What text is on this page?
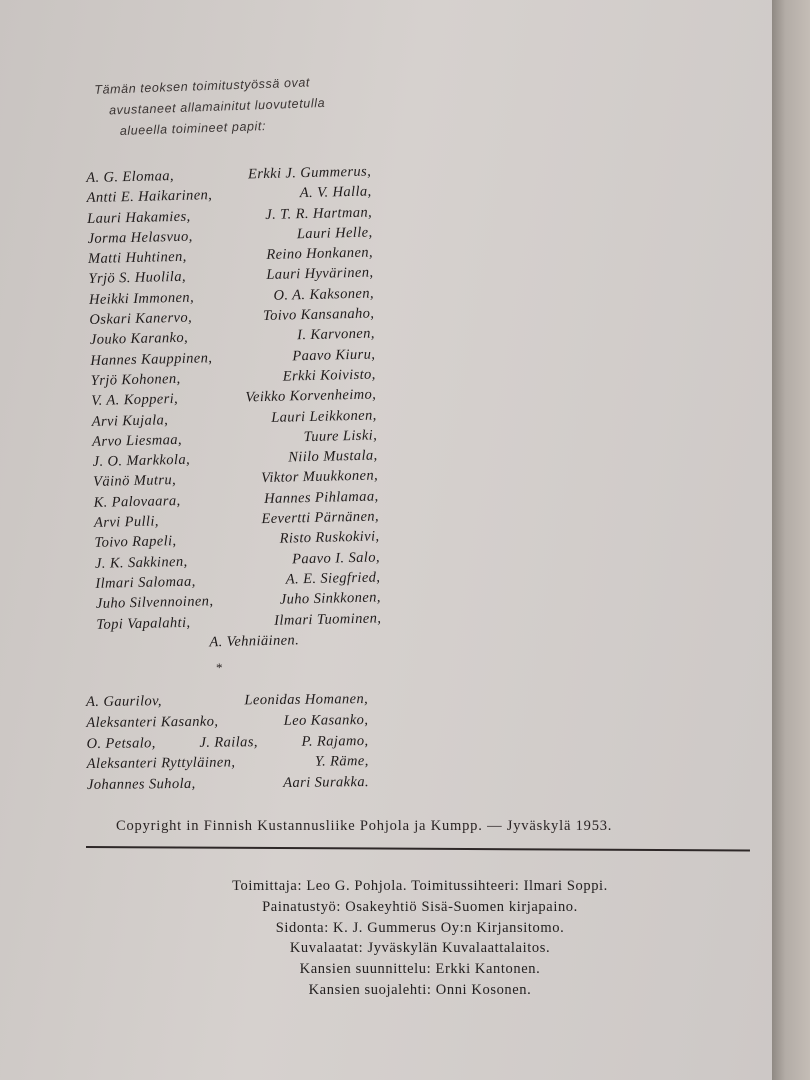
Tämän teoksen toimitustyössä ovat
avustaneet allamainitut luovutetulla
alueella toimineet papit:
A. G. Elomaa,	Erkki J. Gummerus,
Antti E. Haikarinen,	A. V. Halla,
Lauri Hakamies,	J. T. R. Hartman,
Jorma Helasvuo,	Lauri Helle,
Matti Huhtinen,	Reino Honkanen,
Yrjö S. Huolila,	Lauri Hyvärinen,
Heikki Immonen,	O. A. Kaksonen,
Oskari Kanervo,	Toivo Kansanaho,
Jouko Karanko,	I. Karvonen,
Hannes Kauppinen,	Paavo Kiuru,
Yrjö Kohonen,	Erkki Koivisto,
V. A. Kopperi,	Veikko Korvenheimo,
Arvi Kujala,	Lauri Leikkonen,
Arvo Liesmaa,	Tuure Liski,
J. O. Markkola,	Niilo Mustala,
Väinö Mutru,	Viktor Muukkonen,
K. Palovaara,	Hannes Pihlamaa,
Arvi Pulli,	Eevertti Pärnänen,
Toivo Rapeli,	Risto Ruskokivi,
J. K. Sakkinen,	Paavo I. Salo,
Ilmari Salomaa,	A. E. Siegfried,
Juho Silvennoinen,	Juho Sinkkonen,
Topi Vapalahti,	Ilmari Tuominen,
A. Vehniäinen.
*
A. Gaurilov,	Leonidas Homanen,
Aleksanteri Kasanko,	Leo Kasanko,
O. Petsalo,	J. Railas,	P. Rajamo,
Aleksanteri Ryttyläinen,	Y. Räme,
Johannes Suhola,	Aari Surakka.
Copyright in Finnish Kustannusliike Pohjola ja Kumpp. — Jyväskylä 1953.
Toimittaja: Leo G. Pohjola. Toimitussihteeri: Ilmari Soppi.
Painatustyö: Osakeyhtiö Sisä-Suomen kirjapaino.
Sidonta: K. J. Gummerus Oy:n Kirjansitomo.
Kuvalaatat: Jyväskylän Kuvalaattalaitos.
Kansien suunnittelu: Erkki Kantonen.
Kansien suojalehti: Onni Kosonen.
